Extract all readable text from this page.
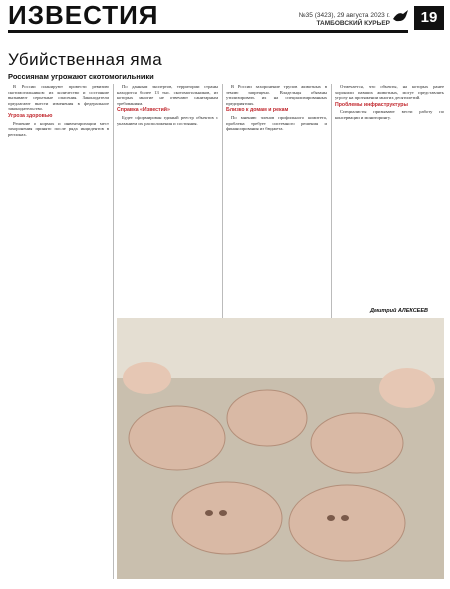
ИЗВЕСТИЯ	№35 (3423), 29 августа 2023 г.
ТАМБОВСКИЙ КУРЬЕР	19
Убийственная яма
Россиянам угрожают скотомогильники

В России планируют провести ревизию скотомогильников: их количество и состояние вызывают серьезные опасения. Законодатели предлагают внести изменения в федеральное законодательство.

Угроза здоровью

Решение о нормах и инвентаризации мест захоронения принято после ряда инцидентов в регионах.

По данным экспертов, территории страны находится более 13 тыс. скотомогильников, из которых многие не отвечают санитарным требованиям.

Справка «Известий»

Будет сформирован единый реестр объектов с указанием их расположения и состояния.

В России захоронение трупов животных в землю запрещено. Владельцы обязаны утилизировать их на специализированных предприятиях.

Близко к домам и рекам

По мнению членов профильного комитета, проблема требует системного решения и финансирования из бюджета.

Отмечается, что объекты, на которых ранее хоронили павших животных, могут представлять угрозу на протяжении многих десятилетий.

Проблемы инфраструктуры

Специалисты призывают вести работу по консервации и мониторингу.

Дмитрий АЛЕКСЕЕВ
